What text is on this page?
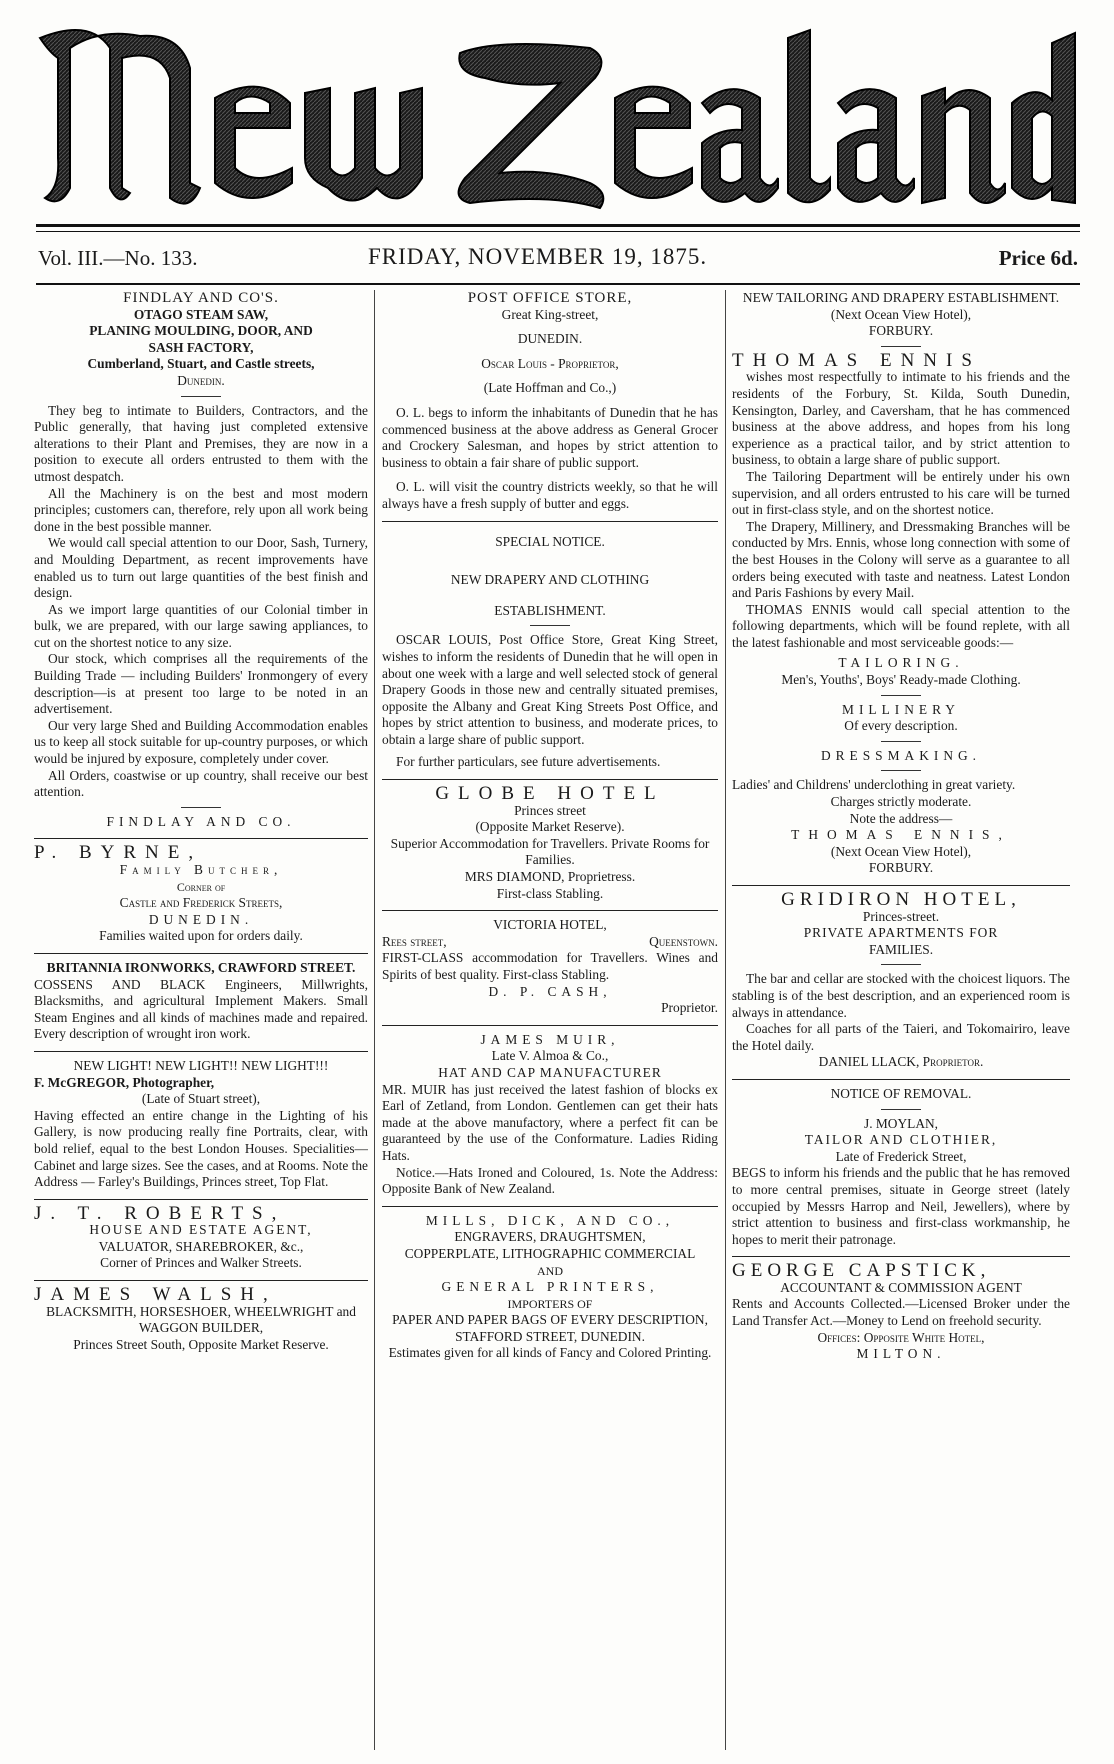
Vol. III.—No. 133.	FRIDAY, NOVEMBER 19, 1875.	Price 6d.
FINDLAY AND CO'S.
OTAGO STEAM SAW,
PLANING MOULDING, DOOR, AND
SASH FACTORY,
Cumberland, Stuart, and Castle streets,
Dunedin.

They beg to intimate to Builders, Contractors, and the Public generally, that having just completed extensive alterations to their Plant and Premises, they are now in a position to execute all orders entrusted to them with the utmost despatch.

All the Machinery is on the best and most modern principles; customers can, therefore, rely upon all work being done in the best possible manner.

We would call special attention to our Door, Sash, Turnery, and Moulding Department, as recent improvements have enabled us to turn out large quantities of the best finish and design.

As we import large quantities of our Colonial timber in bulk, we are prepared, with our large sawing appliances, to cut on the shortest notice to any size.

Our stock, which comprises all the requirements of the Building Trade — including Builders' Ironmongery of every description—is at present too large to be noted in an advertisement.

Our very large Shed and Building Accommodation enables us to keep all stock suitable for up-country purposes, or which would be injured by exposure, completely under cover.

All Orders, coastwise or up country, shall receive our best attention.

FINDLAY AND CO.
P. BYRNE,
Family Butcher,
Corner of
Castle and Frederick Streets,
DUNEDIN.
Families waited upon for orders daily.
BRITANNIA IRONWORKS, CRAWFORD STREET.
COSSENS AND BLACK Engineers, Millwrights, Blacksmiths, and agricultural Implement Makers. Small Steam Engines and all kinds of machines made and repaired. Every description of wrought iron work.
NEW LIGHT! NEW LIGHT!! NEW LIGHT!!!
F. McGREGOR, Photographer,
(Late of Stuart street),
Having effected an entire change in the Lighting of his Gallery, is now producing really fine Portraits, clear, with bold relief, equal to the best London Houses. Specialities—Cabinet and large sizes. See the cases, and at Rooms. Note the Address — Farley's Buildings, Princes street, Top Flat.
J. T. ROBERTS,
HOUSE AND ESTATE AGENT,
VALUATOR, SHAREBROKER, &c.,
Corner of Princes and Walker Streets.
JAMES WALSH,
BLACKSMITH, HORSESHOER, WHEELWRIGHT and WAGGON BUILDER,
Princes Street South, Opposite Market Reserve.
POST OFFICE STORE,
Great King-street,
DUNEDIN.
Oscar Louis - Proprietor,
(Late Hoffman and Co.,)

O. L. begs to inform the inhabitants of Dunedin that he has commenced business at the above address as General Grocer and Crockery Salesman, and hopes by strict attention to business to obtain a fair share of public support.

O. L. will visit the country districts weekly, so that he will always have a fresh supply of butter and eggs.

SPECIAL NOTICE.
NEW DRAPERY AND CLOTHING
ESTABLISHMENT.

OSCAR LOUIS, Post Office Store, Great King Street, wishes to inform the residents of Dunedin that he will open in about one week with a large and well selected stock of general Drapery Goods in those new and centrally situated premises, opposite the Albany and Great King Streets Post Office, and hopes by strict attention to business, and moderate prices, to obtain a large share of public support.

For further particulars, see future advertisements.

GLOBE HOTEL
Princes street
(Opposite Market Reserve).
Superior Accommodation for Travellers. Private Rooms for Families.
MRS DIAMOND, Proprietress.
First-class Stabling.
VICTORIA HOTEL,
Rees street,	Queenstown.
FIRST-CLASS accommodation for Travellers. Wines and Spirits of best quality. First-class Stabling.
D. P. CASH,
Proprietor.
JAMES MUIR,
Late V. Almoa & Co.,
HAT AND CAP MANUFACTURER
MR. MUIR has just received the latest fashion of blocks ex Earl of Zetland, from London. Gentlemen can get their hats made at the above manufactory, where a perfect fit can be guaranteed by the use of the Conformature. Ladies Riding Hats.
Notice.—Hats Ironed and Coloured, 1s. Note the Address: Opposite Bank of New Zealand.
MILLS, DICK, AND CO.,
ENGRAVERS, DRAUGHTSMEN,
COPPERPLATE, LITHOGRAPHIC COMMERCIAL
AND
GENERAL PRINTERS,
IMPORTERS OF
PAPER AND PAPER BAGS OF EVERY DESCRIPTION,
STAFFORD STREET, DUNEDIN.
Estimates given for all kinds of Fancy and Colored Printing.
NEW TAILORING AND DRAPERY ESTABLISHMENT.
(Next Ocean View Hotel),
FORBURY.
THOMAS ENNIS

wishes most respectfully to intimate to his friends and the residents of the Forbury, St. Kilda, South Dunedin, Kensington, Darley, and Caversham, that he has commenced business at the above address, and hopes from his long experience as a practical tailor, and by strict attention to business, to obtain a large share of public support.

The Tailoring Department will be entirely under his own supervision, and all orders entrusted to his care will be turned out in first-class style, and on the shortest notice.

The Drapery, Millinery, and Dressmaking Branches will be conducted by Mrs. Ennis, whose long connection with some of the best Houses in the Colony will serve as a guarantee to all orders being executed with taste and neatness. Latest London and Paris Fashions by every Mail.

THOMAS ENNIS would call special attention to the following departments, which will be found replete, with all the latest fashionable and most serviceable goods:—

TAILORING.
Men's, Youths', Boys' Ready-made Clothing.
MILLINERY
Of every description.
DRESSMAKING.
Ladies' and Childrens' underclothing in great variety.
Charges strictly moderate.
Note the address—
THOMAS ENNIS,
(Next Ocean View Hotel),
FORBURY.
GRIDIRON HOTEL,
Princes-street.
PRIVATE APARTMENTS FOR
FAMILIES.

The bar and cellar are stocked with the choicest liquors. The stabling is of the best description, and an experienced room is always in attendance.

Coaches for all parts of the Taieri, and Tokomairiro, leave the Hotel daily.

DANIEL LLACK, Proprietor.
NOTICE OF REMOVAL.
J. MOYLAN,
TAILOR AND CLOTHIER,
Late of Frederick Street,
BEGS to inform his friends and the public that he has removed to more central premises, situate in George street (lately occupied by Messrs Harrop and Neil, Jewellers), where by strict attention to business and first-class workmanship, he hopes to merit their patronage.
GEORGE CAPSTICK,
ACCOUNTANT & COMMISSION AGENT
Rents and Accounts Collected.—Licensed Broker under the Land Transfer Act.—Money to Lend on freehold security.
Offices: Opposite White Hotel,
MILTON.
